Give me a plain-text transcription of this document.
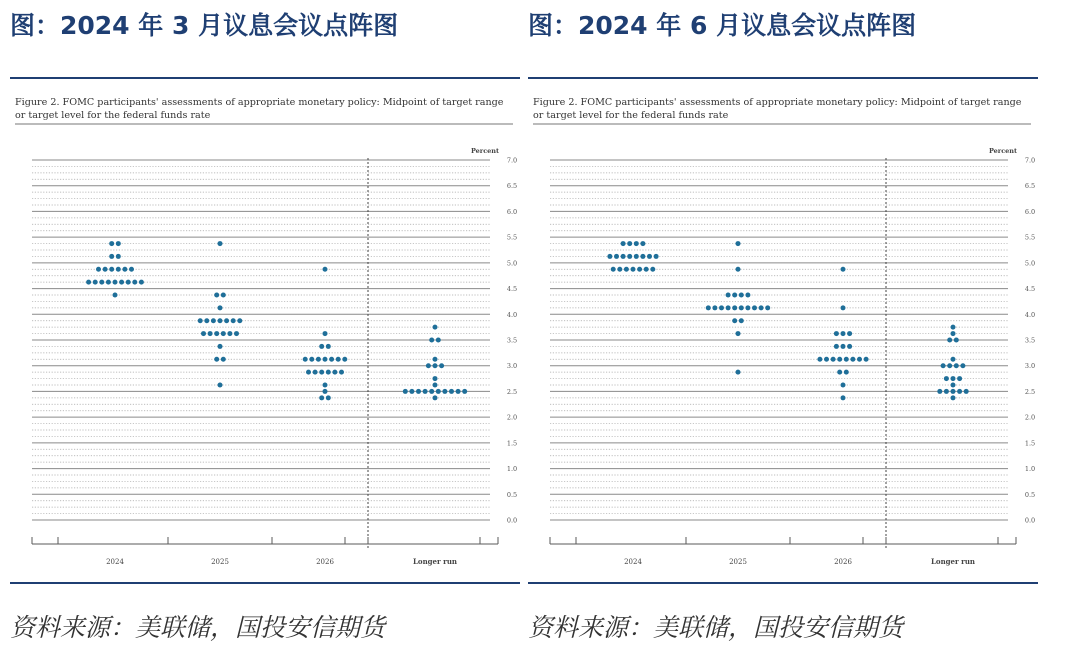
图：2024 年 3 月议息会议点阵图
Figure 2. FOMC participants' assessments of appropriate monetary policy: Midpoint of target range
or target level for the federal funds rate
Percent
0.0
0.5
1.0
1.5
2.0
2.5
3.0
3.5
4.0
4.5
5.0
5.5
6.0
6.5
7.0
2024	2025	2026	Longer run
资料来源：美联储，国投安信期货
图：2024 年 6 月议息会议点阵图
Figure 2. FOMC participants' assessments of appropriate monetary policy: Midpoint of target range
or target level for the federal funds rate
Percent
0.0
0.5
1.0
1.5
2.0
2.5
3.0
3.5
4.0
4.5
5.0
5.5
6.0
6.5
7.0
2024	2025	2026	Longer run
资料来源：美联储，国投安信期货
